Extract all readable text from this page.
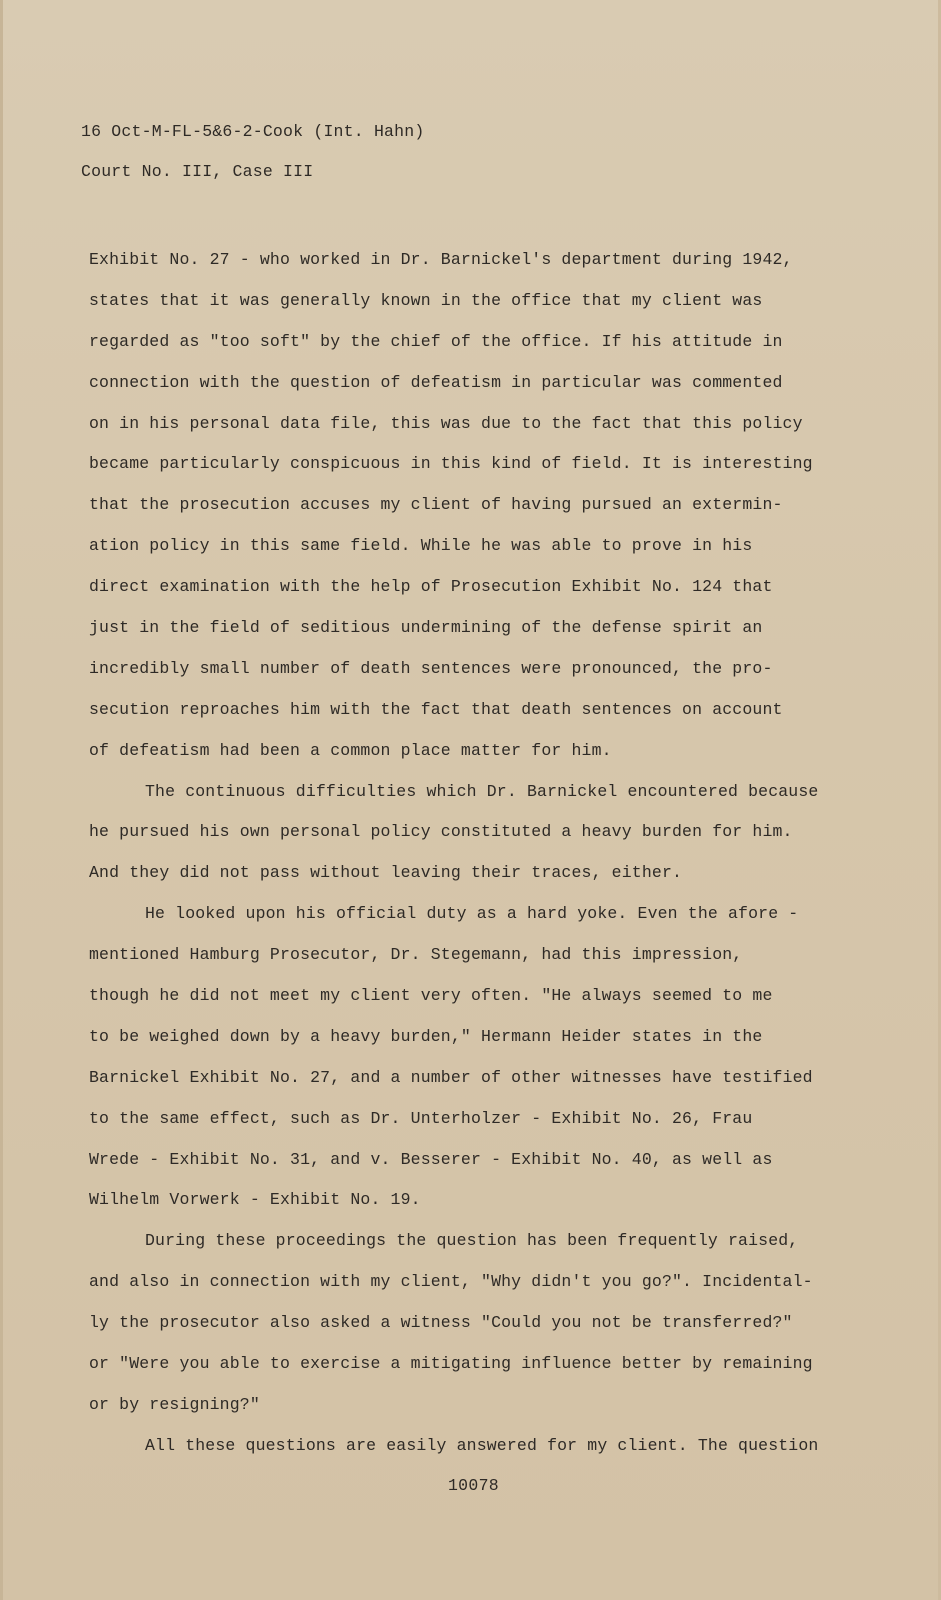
16 Oct-M-FL-5&6-2-Cook (Int. Hahn)
Court No. III, Case III
Exhibit No. 27 - who worked in Dr. Barnickel's department during 1942,
states that it was generally known in the office that my client was
regarded as "too soft" by the chief of the office. If his attitude in
connection with the question of defeatism in particular was commented
on in his personal data file, this was due to the fact that this policy
became particularly conspicuous in this kind of field. It is interesting
that the prosecution accuses my client of having pursued an extermin-
ation policy in this same field. While he was able to prove in his
direct examination with the help of Prosecution Exhibit No. 124 that
just in the field of seditious undermining of the defense spirit an
incredibly small number of death sentences were pronounced, the pro-
secution reproaches him with the fact that death sentences on account
of defeatism had been a common place matter for him.
The continuous difficulties which Dr. Barnickel encountered because
he pursued his own personal policy constituted a heavy burden for him.
And they did not pass without leaving their traces, either.
He looked upon his official duty as a hard yoke. Even the afore -
mentioned Hamburg Prosecutor, Dr. Stegemann, had this impression,
though he did not meet my client very often. "He always seemed to me
to be weighed down by a heavy burden," Hermann Heider states in the
Barnickel Exhibit No. 27, and a number of other witnesses have testified
to the same effect, such as Dr. Unterholzer - Exhibit No. 26, Frau
Wrede - Exhibit No. 31, and v. Besserer - Exhibit No. 40, as well as
Wilhelm Vorwerk - Exhibit No. 19.
During these proceedings the question has been frequently raised,
and also in connection with my client, "Why didn't you go?". Incidental-
ly the prosecutor also asked a witness "Could you not be transferred?"
or "Were you able to exercise a mitigating influence better by remaining
or by resigning?"
All these questions are easily answered for my client. The question
10078
